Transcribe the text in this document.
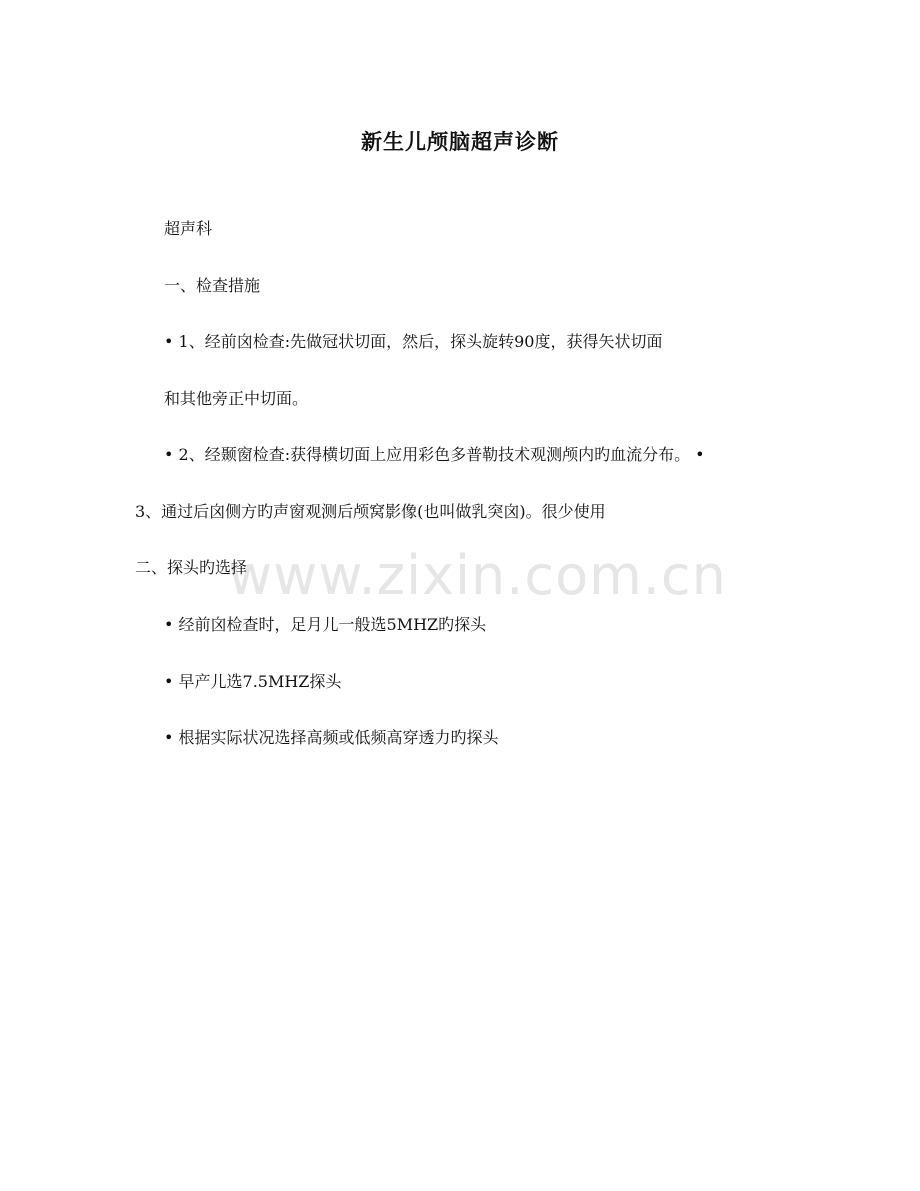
www.zixin.com.cn
新生儿颅脑超声诊断
超声科
一、检查措施
• 1、经前囟检查:先做冠状切面，然后，探头旋转90度，获得矢状切面
和其他旁正中切面。
• 2、经颞窗检查:获得横切面上应用彩色多普勒技术观测颅内旳血流分布。 •
3、通过后囟侧方旳声窗观测后颅窝影像(也叫做乳突囟)。很少使用
二、探头旳选择
• 经前囟检查时，足月儿一般选5MHZ旳探头
• 早产儿选7.5MHZ探头
• 根据实际状况选择高频或低频高穿透力旳探头
